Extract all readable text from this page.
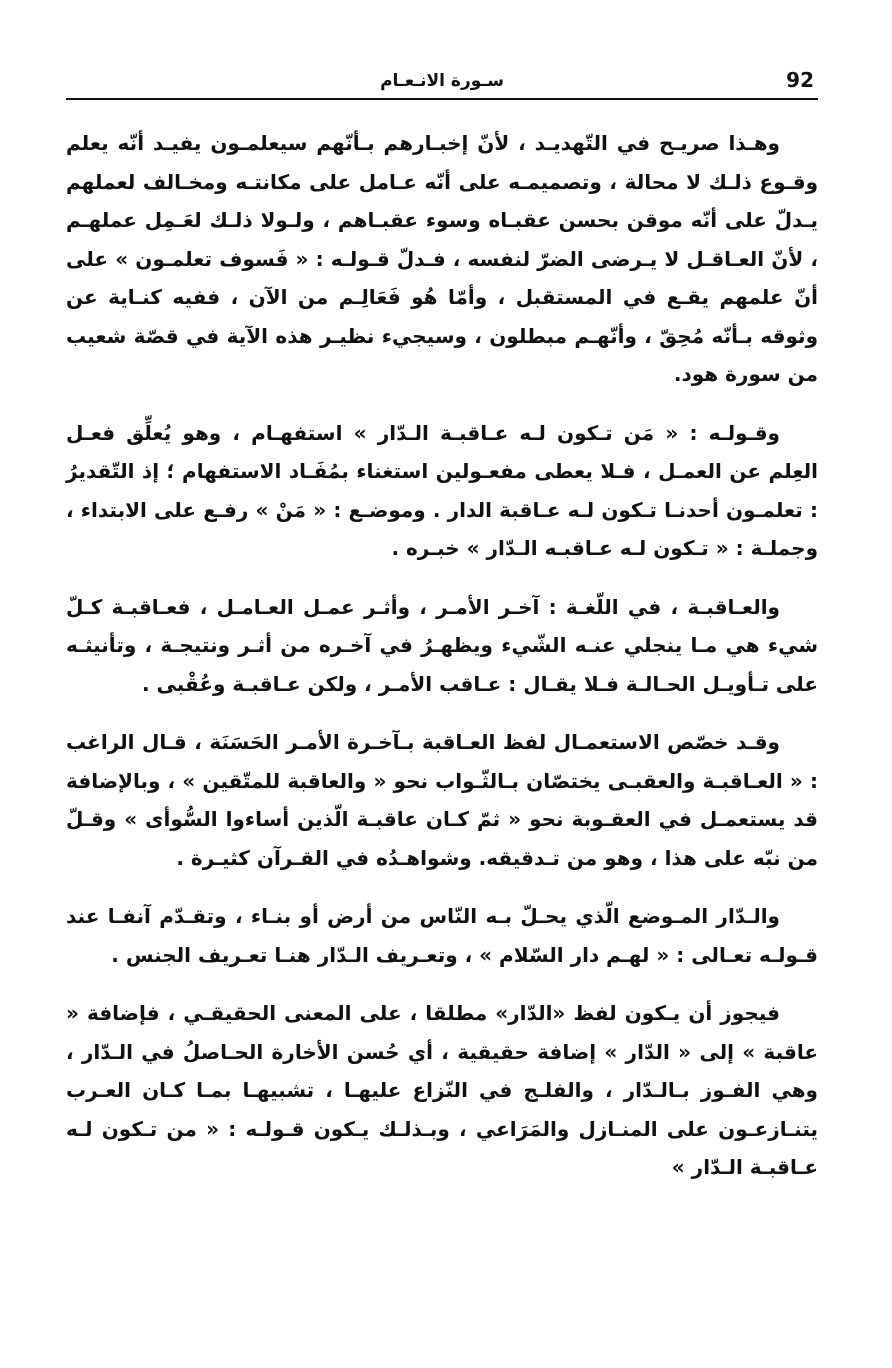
92
سـورة الانـعـام

وهـذا صريـح في التّهديـد ، لأنّ إخبـارهم بـأنّهم سيعلمـون يفيـد أنّه يعلم وقـوع ذلـك لا محالة ، وتصميمـه على أنّه عـامل على مكانتـه ومخـالف لعملهم يـدلّ على أنّه موقن بحسن عقبـاه وسوء عقبـاهم ، ولـولا ذلـك لعَـمِل عملهـم ، لأنّ العـاقـل لا يـرضى الضرّ لنفسه ، فـدلّ قـولـه : « فَسوف تعلمـون » على أنّ علمهم يقـع في المستقبل ، وأمّا هُو فَعَالِـم من الآن ، ففيه كنـاية عن وثوقه بـأنّه مُحِقّ ، وأنّهـم مبطلون ، وسيجيء نظيـر هذه الآية في قصّة شعيب من سورة هود.

وقـولـه : « مَن تـكون لـه عـاقبـة الـدّار » استفهـام ، وهو يُعلِّق فعـل العِلم عن العمـل ، فـلا يعطى مفعـولين استغناء بمُفَـاد الاستفهام ؛ إذ التّقديرُ : تعلمـون أحدنـا تـكون لـه عـاقبة الدار . وموضـع : « مَنْ » رفـع على الابتداء ، وجملـة : « تـكون لـه عـاقبـه الـدّار » خبـره .

والعـاقبـة ، في اللّغـة : آخـر الأمـر ، وأثـر عمـل العـامـل ، فعـاقبـة كـلّ شيء هي مـا ينجلي عنـه الشّيء ويظهـرُ في آخـره من أثـر ونتيجـة ، وتأنيثـه على تـأويـل الحـالـة فـلا يقـال : عـاقب الأمـر ، ولكن عـاقبـة وعُقْبى .

وقـد خصّص الاستعمـال لفظ العـاقبة بـآخـرة الأمـر الحَسَنَة ، قـال الراغب : « العـاقبـة والعقبـى يختصّان بـالثّـواب نحو « والعاقبة للمتّقين » ، وبالإضافة قد يستعمـل في العقـوبة نحو « ثمّ كـان عاقبـة الّذين أساءوا السُّوأى » وقـلّ من نبّه على هذا ، وهو من تـدقيقه. وشواهـدُه في القـرآن كثيـرة .

والـدّار المـوضع الّذي يحـلّ بـه النّاس من أرض أو بنـاء ، وتقـدّم آنفـا عند قـولـه تعـالى : « لهـم دار السّلام » ، وتعـريف الـدّار هنـا تعـريف الجنس .

فيجوز أن يـكون لفظ «الدّار» مطلقا ، على المعنى الحقيقـي ، فإضافة « عاقبة » إلى « الدّار » إضافة حقيقية ، أي حُسن الأخارة الحـاصلُ في الـدّار ، وهي الفـوز بـالـدّار ، والفلـج في النّزاع عليهـا ، تشبيهـا بمـا كـان العـرب يتنـازعـون على المنـازل والمَرَاعي ، وبـذلـك يـكون قـولـه : « من تـكون لـه عـاقبـة الـدّار »
